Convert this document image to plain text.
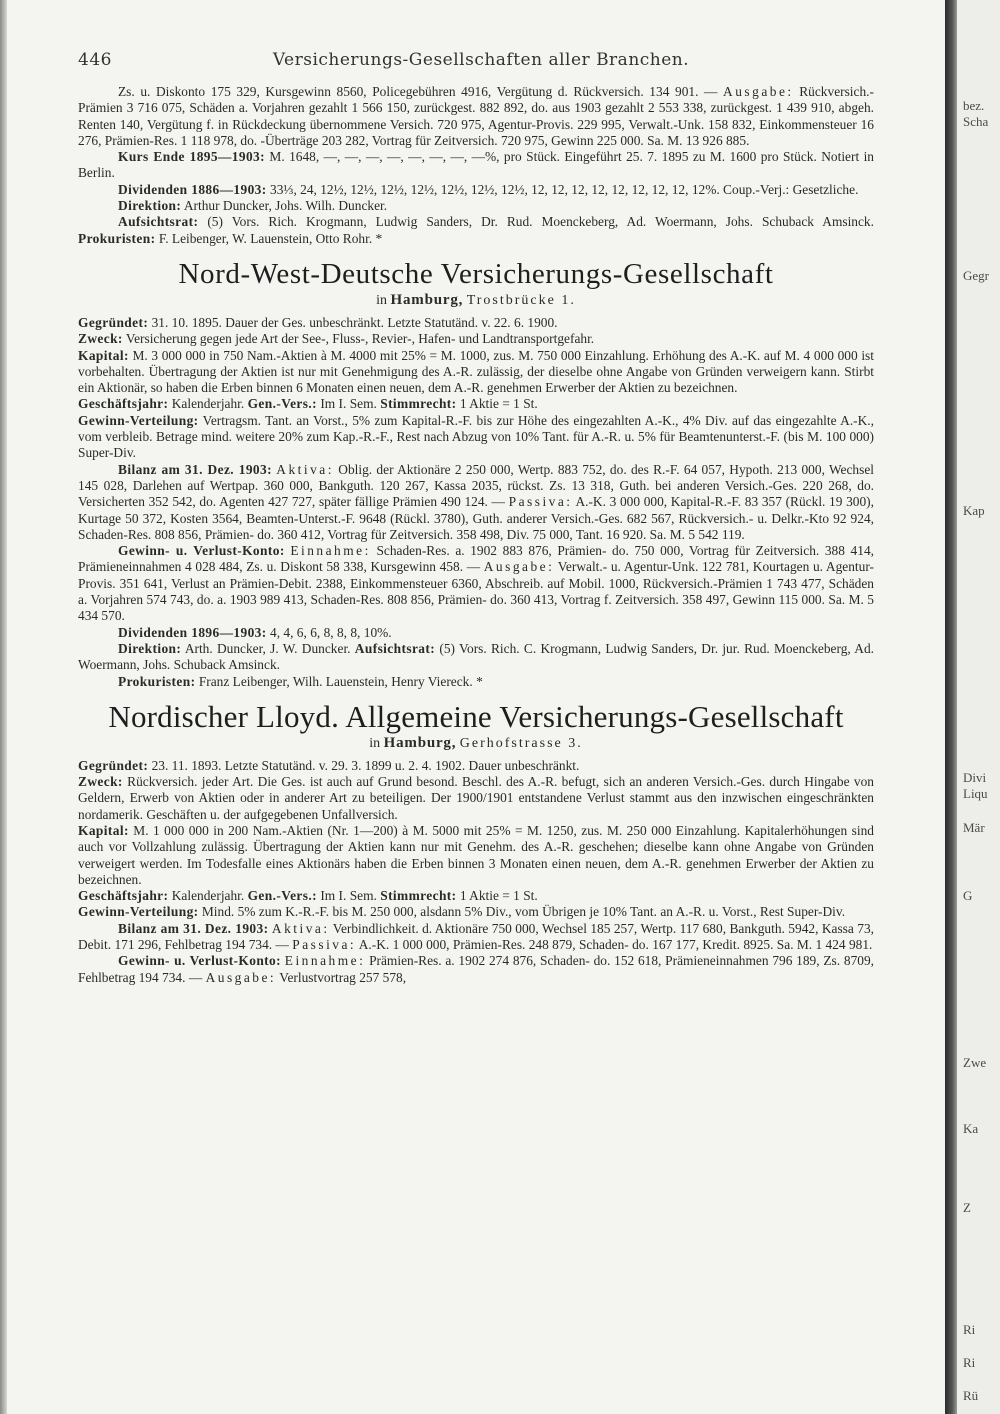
446	Versicherungs-Gesellschaften aller Branchen.

Zs. u. Diskonto 175 329, Kursgewinn 8560, Policegebühren 4916, Vergütung d. Rückversich. 134 901. — Ausgabe: Rückversich.-Prämien 3 716 075, Schäden a. Vorjahren gezahlt 1 566 150, zurückgest. 882 892, do. aus 1903 gezahlt 2 553 338, zurückgest. 1 439 910, abgeh. Renten 140, Vergütung f. in Rückdeckung übernommene Versich. 720 975, Agentur-Provis. 229 995, Verwalt.-Unk. 158 832, Einkommensteuer 16 276, Prämien-Res. 1 118 978, do. -Überträge 203 282, Vortrag für Zeitversich. 720 975, Gewinn 225 000. Sa. M. 13 926 885.

Kurs Ende 1895—1903: M. 1648, —, —, —, —, —, —, —, —%, pro Stück. Eingeführt 25. 7. 1895 zu M. 1600 pro Stück. Notiert in Berlin.

Dividenden 1886—1903: 33⅓, 24, 12½, 12½, 12½, 12½, 12½, 12½, 12½, 12, 12, 12, 12, 12, 12, 12, 12, 12%. Coup.-Verj.: Gesetzliche.

Direktion: Arthur Duncker, Johs. Wilh. Duncker.

Aufsichtsrat: (5) Vors. Rich. Krogmann, Ludwig Sanders, Dr. Rud. Moenckeberg, Ad. Woermann, Johs. Schuback Amsinck. Prokuristen: F. Leibenger, W. Lauenstein, Otto Rohr. *

Nord-West-Deutsche Versicherungs-Gesellschaft
in Hamburg, Trostbrücke 1.

Gegründet: 31. 10. 1895. Dauer der Ges. unbeschränkt. Letzte Statutänd. v. 22. 6. 1900.

Zweck: Versicherung gegen jede Art der See-, Fluss-, Revier-, Hafen- und Landtransportgefahr.

Kapital: M. 3 000 000 in 750 Nam.-Aktien à M. 4000 mit 25% = M. 1000, zus. M. 750 000 Einzahlung. Erhöhung des A.-K. auf M. 4 000 000 ist vorbehalten. Übertragung der Aktien ist nur mit Genehmigung des A.-R. zulässig, der dieselbe ohne Angabe von Gründen verweigern kann. Stirbt ein Aktionär, so haben die Erben binnen 6 Monaten einen neuen, dem A.-R. genehmen Erwerber der Aktien zu bezeichnen.

Geschäftsjahr: Kalenderjahr. Gen.-Vers.: Im I. Sem. Stimmrecht: 1 Aktie = 1 St.

Gewinn-Verteilung: Vertragsm. Tant. an Vorst., 5% zum Kapital-R.-F. bis zur Höhe des eingezahlten A.-K., 4% Div. auf das eingezahlte A.-K., vom verbleib. Betrage mind. weitere 20% zum Kap.-R.-F., Rest nach Abzug von 10% Tant. für A.-R. u. 5% für Beamtenunterst.-F. (bis M. 100 000) Super-Div.

Bilanz am 31. Dez. 1903: Aktiva: Oblig. der Aktionäre 2 250 000, Wertp. 883 752, do. des R.-F. 64 057, Hypoth. 213 000, Wechsel 145 028, Darlehen auf Wertpap. 360 000, Bankguth. 120 267, Kassa 2035, rückst. Zs. 13 318, Guth. bei anderen Versich.-Ges. 220 268, do. Versicherten 352 542, do. Agenten 427 727, später fällige Prämien 490 124. — Passiva: A.-K. 3 000 000, Kapital-R.-F. 83 357 (Rückl. 19 300), Kurtage 50 372, Kosten 3564, Beamten-Unterst.-F. 9648 (Rückl. 3780), Guth. anderer Versich.-Ges. 682 567, Rückversich.- u. Delkr.-Kto 92 924, Schaden-Res. 808 856, Prämien- do. 360 412, Vortrag für Zeitversich. 358 498, Div. 75 000, Tant. 16 920. Sa. M. 5 542 119.

Gewinn- u. Verlust-Konto: Einnahme: Schaden-Res. a. 1902 883 876, Prämien- do. 750 000, Vortrag für Zeitversich. 388 414, Prämieneinnahmen 4 028 484, Zs. u. Diskont 58 338, Kursgewinn 458. — Ausgabe: Verwalt.- u. Agentur-Unk. 122 781, Kourtagen u. Agentur-Provis. 351 641, Verlust an Prämien-Debit. 2388, Einkommensteuer 6360, Abschreib. auf Mobil. 1000, Rückversich.-Prämien 1 743 477, Schäden a. Vorjahren 574 743, do. a. 1903 989 413, Schaden-Res. 808 856, Prämien- do. 360 413, Vortrag f. Zeitversich. 358 497, Gewinn 115 000. Sa. M. 5 434 570.

Dividenden 1896—1903: 4, 4, 6, 6, 8, 8, 8, 10%.

Direktion: Arth. Duncker, J. W. Duncker. Aufsichtsrat: (5) Vors. Rich. C. Krogmann, Ludwig Sanders, Dr. jur. Rud. Moenckeberg, Ad. Woermann, Johs. Schuback Amsinck.

Prokuristen: Franz Leibenger, Wilh. Lauenstein, Henry Viereck. *

Nordischer Lloyd. Allgemeine Versicherungs-Gesellschaft
in Hamburg, Gerhofstrasse 3.

Gegründet: 23. 11. 1893. Letzte Statutänd. v. 29. 3. 1899 u. 2. 4. 1902. Dauer unbeschränkt.

Zweck: Rückversich. jeder Art. Die Ges. ist auch auf Grund besond. Beschl. des A.-R. befugt, sich an anderen Versich.-Ges. durch Hingabe von Geldern, Erwerb von Aktien oder in anderer Art zu beteiligen. Der 1900/1901 entstandene Verlust stammt aus den inzwischen eingeschränkten nordamerik. Geschäften u. der aufgegebenen Unfallversich.

Kapital: M. 1 000 000 in 200 Nam.-Aktien (Nr. 1—200) à M. 5000 mit 25% = M. 1250, zus. M. 250 000 Einzahlung. Kapitalerhöhungen sind auch vor Vollzahlung zulässig. Übertragung der Aktien kann nur mit Genehm. des A.-R. geschehen; dieselbe kann ohne Angabe von Gründen verweigert werden. Im Todesfalle eines Aktionärs haben die Erben binnen 3 Monaten einen neuen, dem A.-R. genehmen Erwerber der Aktien zu bezeichnen.

Geschäftsjahr: Kalenderjahr. Gen.-Vers.: Im I. Sem. Stimmrecht: 1 Aktie = 1 St.

Gewinn-Verteilung: Mind. 5% zum K.-R.-F. bis M. 250 000, alsdann 5% Div., vom Übrigen je 10% Tant. an A.-R. u. Vorst., Rest Super-Div.

Bilanz am 31. Dez. 1903: Aktiva: Verbindlichkeit. d. Aktionäre 750 000, Wechsel 185 257, Wertp. 117 680, Bankguth. 5942, Kassa 73, Debit. 171 296, Fehlbetrag 194 734. — Passiva: A.-K. 1 000 000, Prämien-Res. 248 879, Schaden- do. 167 177, Kredit. 8925. Sa. M. 1 424 981.

Gewinn- u. Verlust-Konto: Einnahme: Prämien-Res. a. 1902 274 876, Schaden- do. 152 618, Prämieneinnahmen 796 189, Zs. 8709, Fehlbetrag 194 734. — Ausgabe: Verlustvortrag 257 578,

bez.
Scha
Gegr
Kap
Divi
Liqu
Mär
G
Zwe
Ka
Z
Ri
Ri
Rü
